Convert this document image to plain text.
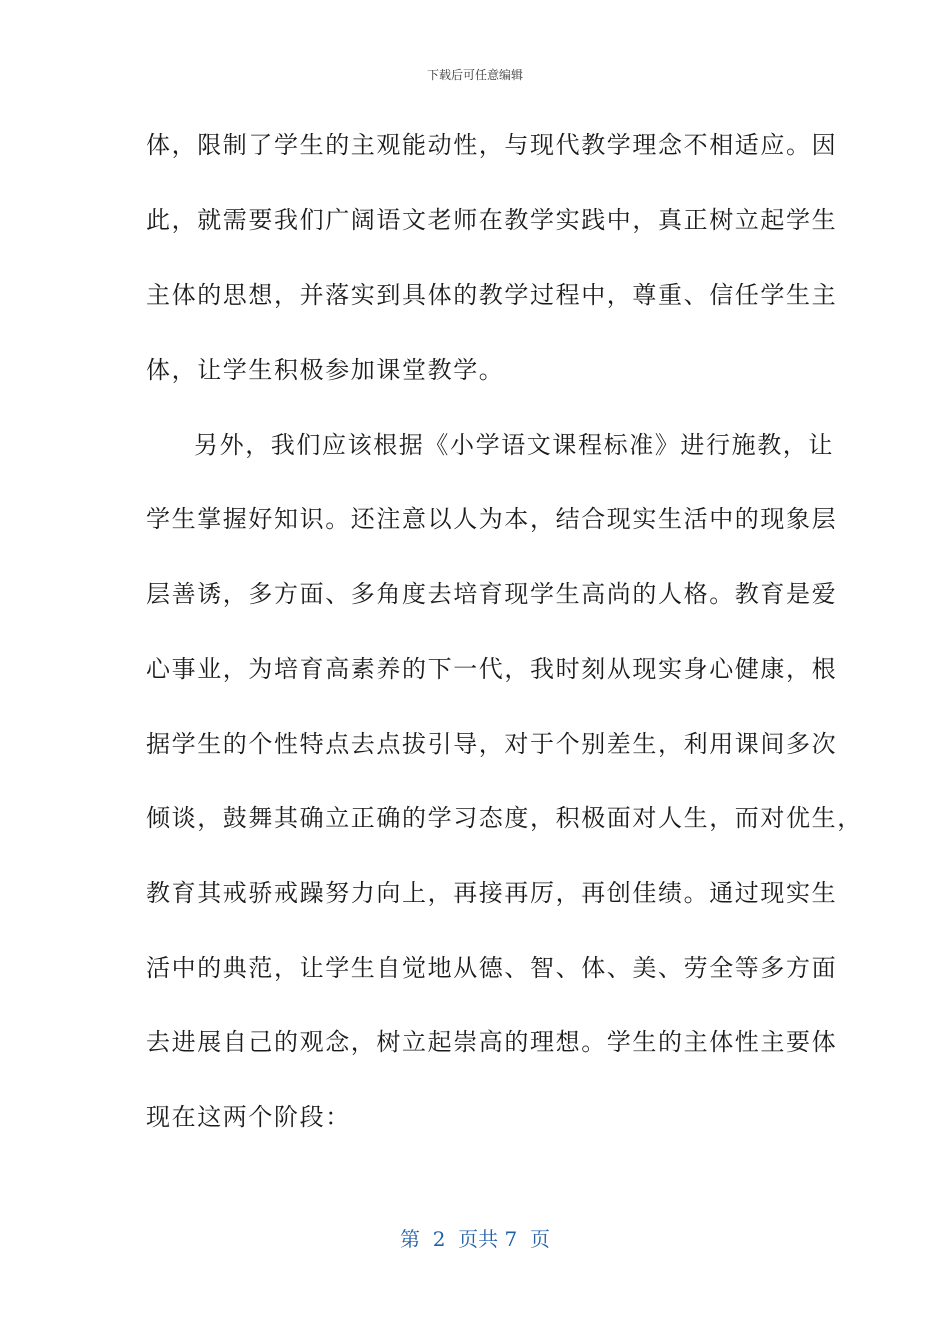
下载后可任意编辑
体，限制了学生的主观能动性，与现代教学理念不相适应。因
此，就需要我们广阔语文老师在教学实践中，真正树立起学生
主体的思想，并落实到具体的教学过程中，尊重、信任学生主
体，让学生积极参加课堂教学。
另外，我们应该根据《小学语文课程标准》进行施教，让
学生掌握好知识。还注意以人为本，结合现实生活中的现象层
层善诱，多方面、多角度去培育现学生高尚的人格。教育是爱
心事业，为培育高素养的下一代，我时刻从现实身心健康，根
据学生的个性特点去点拔引导，对于个别差生，利用课间多次
倾谈，鼓舞其确立正确的学习态度，积极面对人生，而对优生，
教育其戒骄戒躁努力向上，再接再厉，再创佳绩。通过现实生
活中的典范，让学生自觉地从德、智、体、美、劳全等多方面
去进展自己的观念，树立起崇高的理想。学生的主体性主要体
现在这两个阶段：
第  2  页共 7  页
